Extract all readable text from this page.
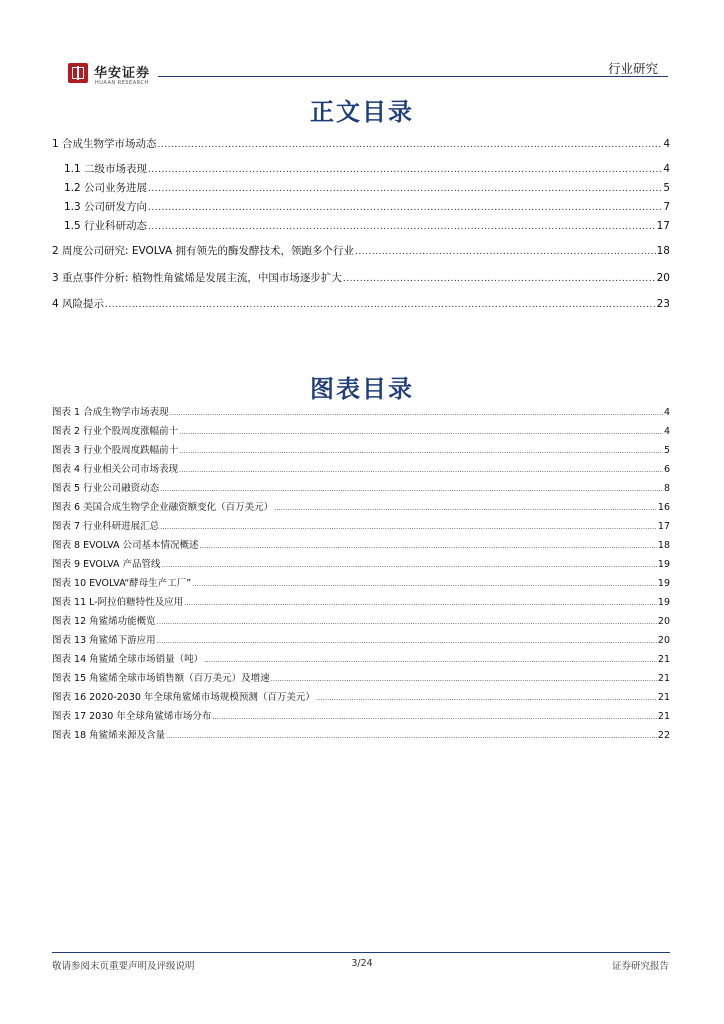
华安证券
HUAAN RESEARCH
行业研究
正文目录
1 合成生物学市场动态 .....	4
1.1 二级市场表现 .....	4
1.2 公司业务进展 .....	5
1.3 公司研发方向 .....	7
1.5 行业科研动态 .....	17
2 周度公司研究: EVOLVA 拥有领先的酶发酵技术，领跑多个行业 .....	18
3 重点事件分析: 植物性角鲨烯是发展主流，中国市场逐步扩大 .....	20
4 风险提示 .....	23
图表目录
图表 1 合成生物学市场表现 .....	4
图表 2 行业个股周度涨幅前十 .....	4
图表 3 行业个股周度跌幅前十 .....	5
图表 4 行业相关公司市场表现 .....	6
图表 5 行业公司融资动态 .....	8
图表 6 美国合成生物学企业融资额变化（百万美元） .....	16
图表 7 行业科研进展汇总 .....	17
图表 8 EVOLVA 公司基本情况概述 .....	18
图表 9 EVOLVA 产品管线 .....	19
图表 10 EVOLVA“酵母生产工厂” .....	19
图表 11 L-阿拉伯糖特性及应用 .....	19
图表 12 角鲨烯功能概览 .....	20
图表 13 角鲨烯下游应用 .....	20
图表 14 角鲨烯全球市场销量（吨） .....	21
图表 15 角鲨烯全球市场销售额（百万美元）及增速 .....	21
图表 16 2020-2030 年全球角鲨烯市场规模预测（百万美元） .....	21
图表 17 2030 年全球角鲨烯市场分布 .....	21
图表 18 角鲨烯来源及含量 .....	22
敬请参阅末页重要声明及评级说明	3/24	证券研究报告
